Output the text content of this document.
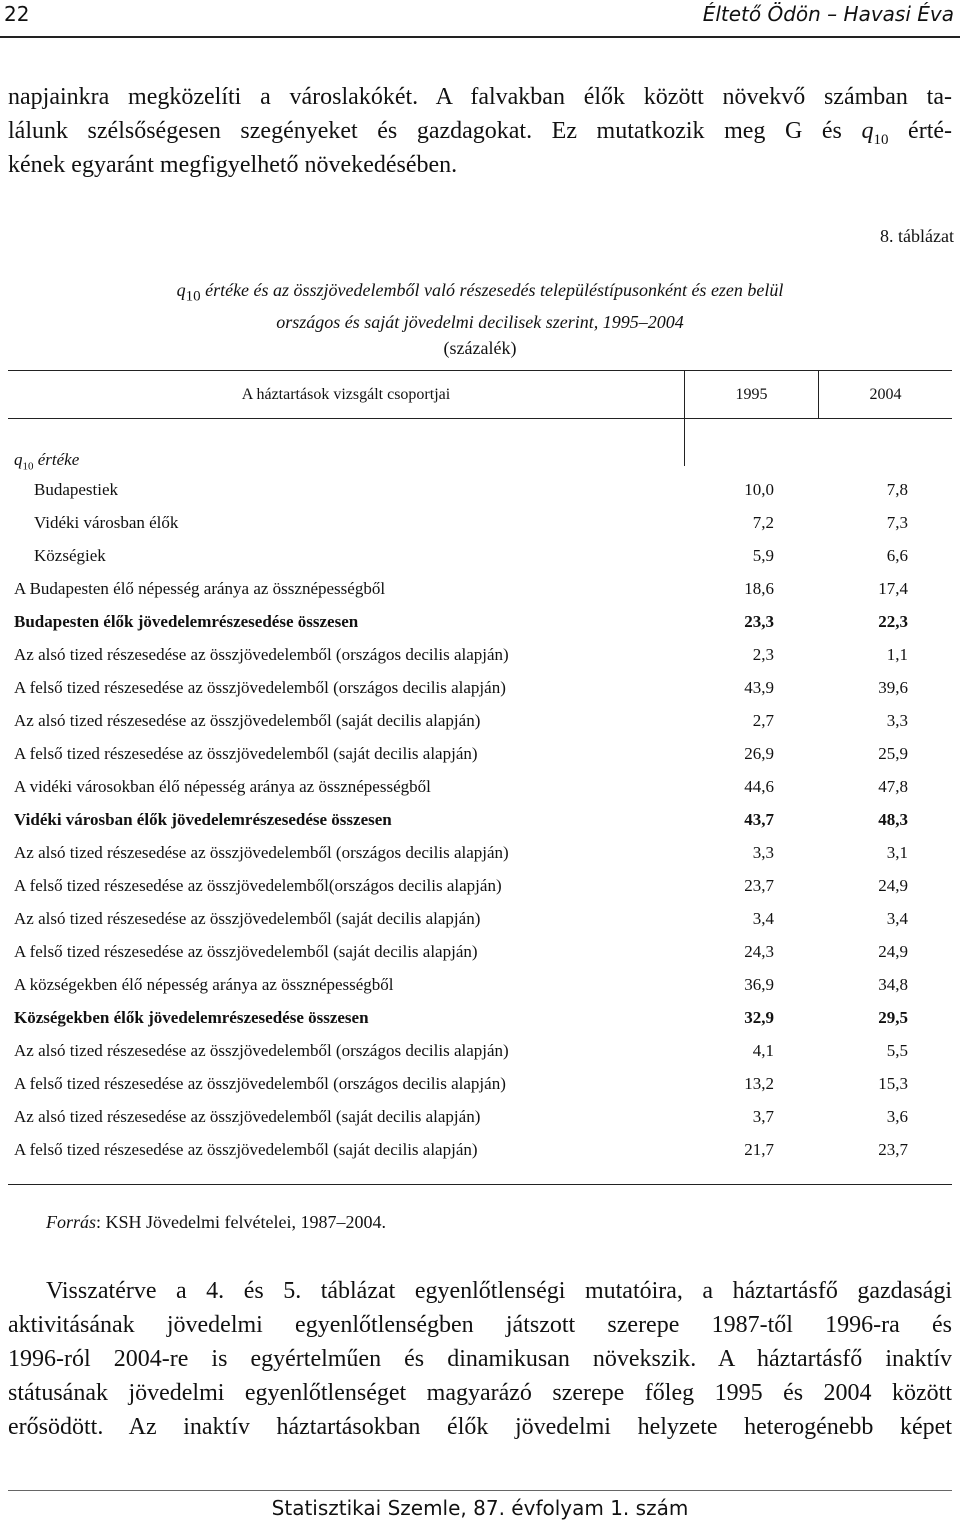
22	Éltető Ödön – Havasi Éva
napjainkra megközelíti a városlakókét. A falvakban élők között növekvő számban ta-
lálunk szélsőségesen szegényeket és gazdagokat. Ez mutatkozik meg G és $q_{10}$ érté-
kének egyaránt megfigyelhető növekedésében.
8. táblázat
$q_{10}$ értéke és az összjövedelemből való részesedés településtípusonként és ezen belül
országos és saját jövedelmi decilisek szerint, 1995–2004
(százalék)
A háztartások vizsgált csoportjai	1995	2004
$q_{10}$ értéke
Budapestiek	10,0	7,8
Vidéki városban élők	7,2	7,3
Községiek	5,9	6,6
A Budapesten élő népesség aránya az össznépességből	18,6	17,4
Budapesten élők jövedelemrészesedése összesen	23,3	22,3
Az alsó tized részesedése az összjövedelemből (országos decilis alapján)	2,3	1,1
A felső tized részesedése az összjövedelemből (országos decilis alapján)	43,9	39,6
Az alsó tized részesedése az összjövedelemből (saját decilis alapján)	2,7	3,3
A felső tized részesedése az összjövedelemből (saját decilis alapján)	26,9	25,9
A vidéki városokban élő népesség aránya az össznépességből	44,6	47,8
Vidéki városban élők jövedelemrészesedése összesen	43,7	48,3
Az alsó tized részesedése az összjövedelemből (országos decilis alapján)	3,3	3,1
A felső tized részesedése az összjövedelemből(országos decilis alapján)	23,7	24,9
Az alsó tized részesedése az összjövedelemből (saját decilis alapján)	3,4	3,4
A felső tized részesedése az összjövedelemből (saját decilis alapján)	24,3	24,9
A községekben élő népesség aránya az össznépességből	36,9	34,8
Községekben élők jövedelemrészesedése összesen	32,9	29,5
Az alsó tized részesedése az összjövedelemből (országos decilis alapján)	4,1	5,5
A felső tized részesedése az összjövedelemből (országos decilis alapján)	13,2	15,3
Az alsó tized részesedése az összjövedelemből (saját decilis alapján)	3,7	3,6
A felső tized részesedése az összjövedelemből (saját decilis alapján)	21,7	23,7
Forrás: KSH Jövedelmi felvételei, 1987–2004.
Visszatérve a 4. és 5. táblázat egyenlőtlenségi mutatóira, a háztartásfő gazdasági
aktivitásának jövedelmi egyenlőtlenségben játszott szerepe 1987-től 1996-ra és
1996-ról 2004-re is egyértelműen és dinamikusan növekszik. A háztartásfő inaktív
státusának jövedelmi egyenlőtlenséget magyarázó szerepe főleg 1995 és 2004 között
erősödött. Az inaktív háztartásokban élők jövedelmi helyzete heterogénebb képet
Statisztikai Szemle, 87. évfolyam 1. szám
